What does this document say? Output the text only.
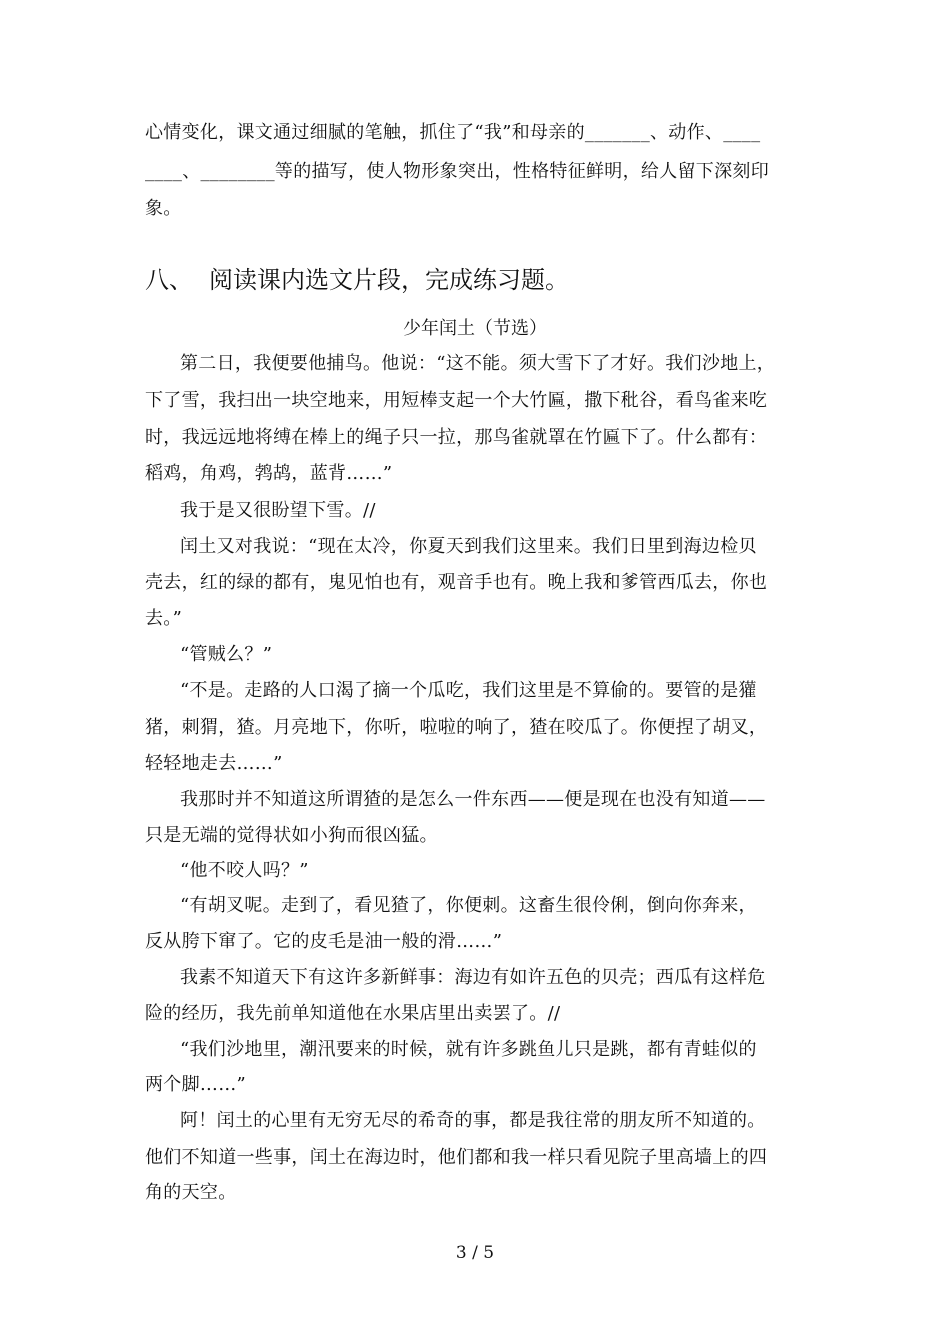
心情变化，课文通过细腻的笔触，抓住了“我”和母亲的_______、动作、____
____、________等的描写，使人物形象突出，性格特征鲜明，给人留下深刻印
象。
八、 阅读课内选文片段，完成练习题。
少年闰土（节选）
第二日，我便要他捕鸟。他说：“这不能。须大雪下了才好。我们沙地上，
下了雪，我扫出一块空地来，用短棒支起一个大竹匾，撒下秕谷，看鸟雀来吃
时，我远远地将缚在棒上的绳子只一拉，那鸟雀就罩在竹匾下了。什么都有：
稻鸡，角鸡，鹁鸪，蓝背……”
我于是又很盼望下雪。//
闰土又对我说：“现在太冷，你夏天到我们这里来。我们日里到海边检贝
壳去，红的绿的都有，鬼见怕也有，观音手也有。晚上我和爹管西瓜去，你也
去。”
“管贼么？”
“不是。走路的人口渴了摘一个瓜吃，我们这里是不算偷的。要管的是獾
猪，刺猬，猹。月亮地下，你听，啦啦的响了，猹在咬瓜了。你便捏了胡叉，
轻轻地走去……”
我那时并不知道这所谓猹的是怎么一件东西——便是现在也没有知道——
只是无端的觉得状如小狗而很凶猛。
“他不咬人吗？”
“有胡叉呢。走到了，看见猹了，你便刺。这畜生很伶俐，倒向你奔来，
反从胯下窜了。它的皮毛是油一般的滑……”
我素不知道天下有这许多新鲜事：海边有如许五色的贝壳；西瓜有这样危
险的经历，我先前单知道他在水果店里出卖罢了。//
“我们沙地里，潮汛要来的时候，就有许多跳鱼儿只是跳，都有青蛙似的
两个脚……”
阿！闰土的心里有无穷无尽的希奇的事，都是我往常的朋友所不知道的。
他们不知道一些事，闰土在海边时，他们都和我一样只看见院子里高墙上的四
角的天空。
3 / 5
